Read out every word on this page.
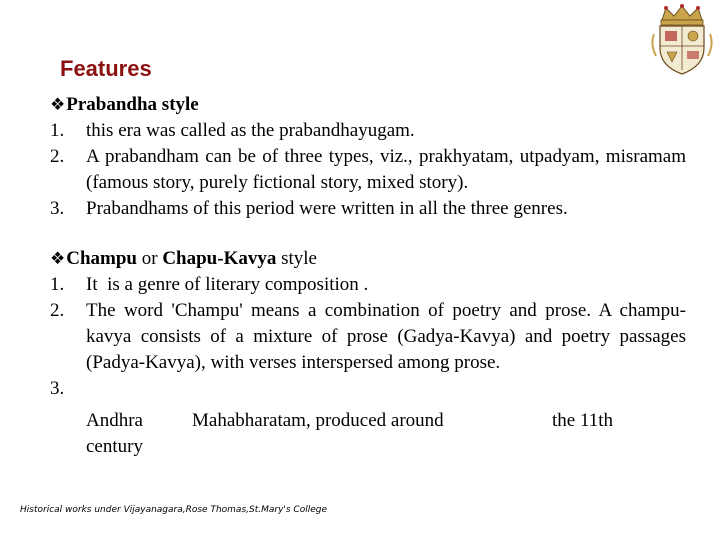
Features
❖ Prabandha style
1.	this era was called as the prabandhayugam.
2.	A prabandham can be of three types, viz., prakhyatam, utpadyam, misramam (famous story, purely fictional story, mixed story).
3.	Prabandhams of this period were written in all the three genres.
❖ Champu or Chapu-Kavya style
1.	It  is a genre of literary composition .
2.	The word 'Champu' means a combination of poetry and prose. A champu-kavya consists of a mixture of prose (Gadya-Kavya) and poetry passages (Padya-Kavya), with verses interspersed among prose.
3.
Andhra	Mahabharatam, produced around	the 11th
century
Historical works under Vijayanagara,Rose Thomas,St.Mary's College
